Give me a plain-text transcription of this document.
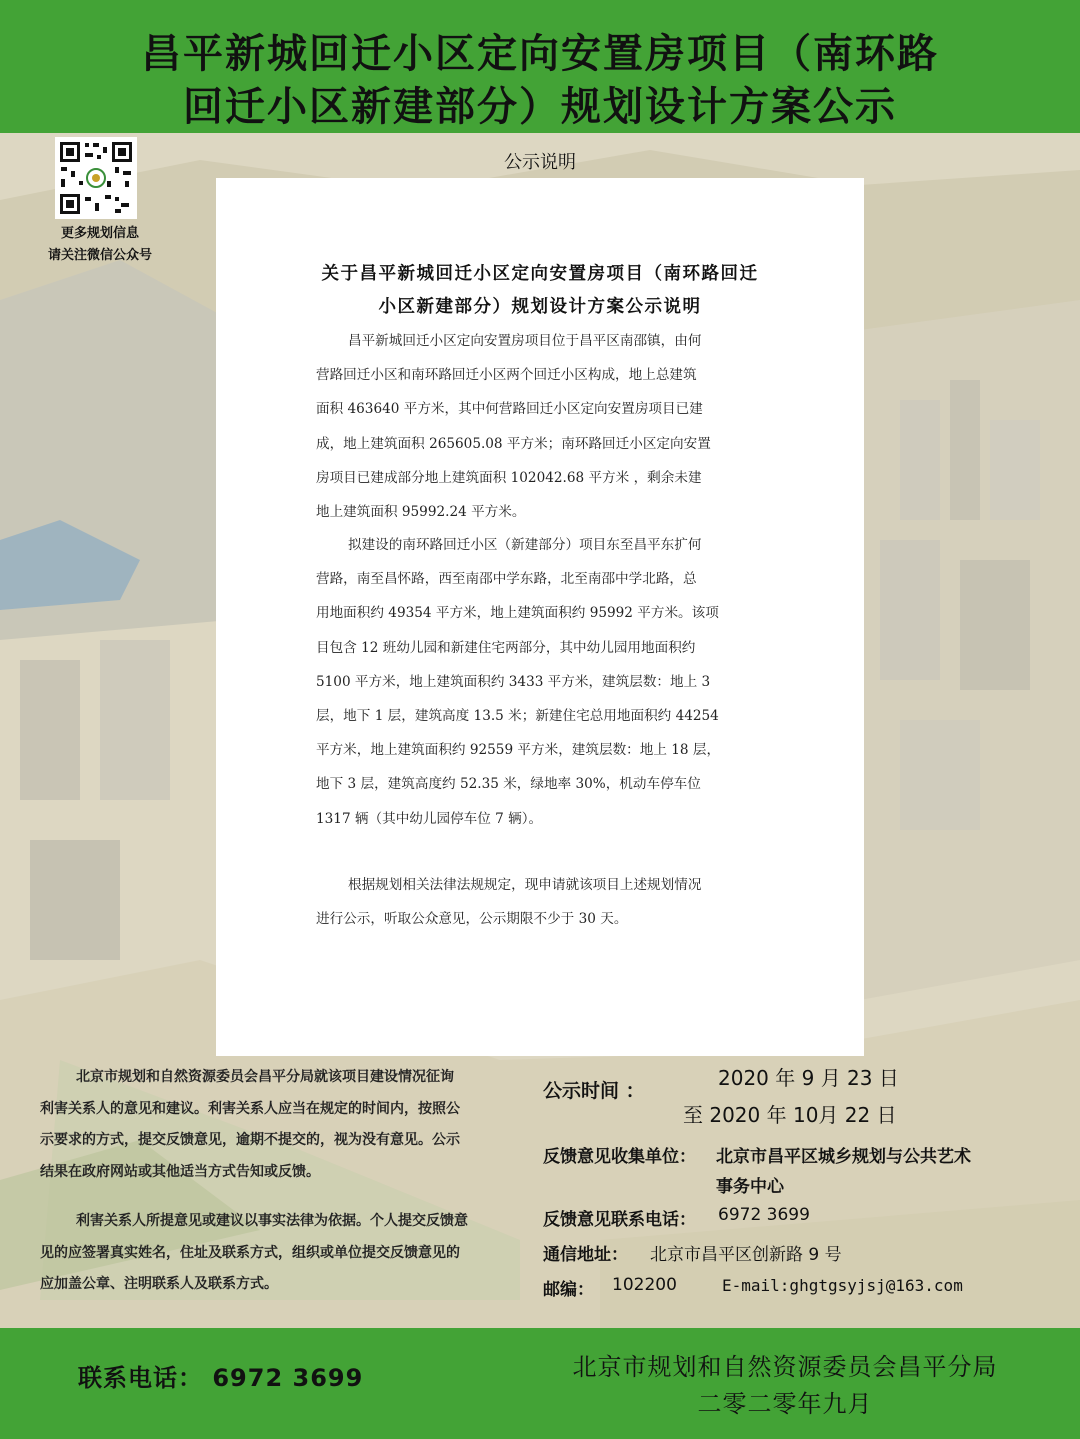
昌平新城回迁小区定向安置房项目（南环路
回迁小区新建部分）规划设计方案公示
更多规划信息
请关注微信公众号
公示说明
关于昌平新城回迁小区定向安置房项目（南环路回迁
小区新建部分）规划设计方案公示说明
昌平新城回迁小区定向安置房项目位于昌平区南邵镇，由何
营路回迁小区和南环路回迁小区两个回迁小区构成，地上总建筑
面积 463640 平方米，其中何营路回迁小区定向安置房项目已建
成，地上建筑面积 265605.08 平方米；南环路回迁小区定向安置
房项目已建成部分地上建筑面积 102042.68 平方米 ，剩余未建
地上建筑面积 95992.24 平方米。
拟建设的南环路回迁小区（新建部分）项目东至昌平东扩何
营路，南至昌怀路，西至南邵中学东路，北至南邵中学北路，总
用地面积约 49354 平方米，地上建筑面积约 95992 平方米。该项
目包含 12 班幼儿园和新建住宅两部分，其中幼儿园用地面积约
5100 平方米，地上建筑面积约 3433 平方米，建筑层数：地上 3
层，地下 1 层，建筑高度 13.5 米；新建住宅总用地面积约 44254
平方米，地上建筑面积约 92559 平方米，建筑层数：地上 18 层，
地下 3 层，建筑高度约 52.35 米，绿地率 30%，机动车停车位
1317 辆（其中幼儿园停车位 7 辆）。
根据规划相关法律法规规定，现申请就该项目上述规划情况
进行公示，听取公众意见，公示期限不少于 30 天。
北京市规划和自然资源委员会昌平分局就该项目建设情况征询
利害关系人的意见和建议。利害关系人应当在规定的时间内，按照公
示要求的方式，提交反馈意见，逾期不提交的，视为没有意见。公示
结果在政府网站或其他适当方式告知或反馈。
利害关系人所提意见或建议以事实法律为依据。个人提交反馈意
见的应签署真实姓名，住址及联系方式，组织或单位提交反馈意见的
应加盖公章、注明联系人及联系方式。
公示时间 ：
2020 年 9 月 23 日
至 2020 年 10月 22 日
反馈意见收集单位： 北京市昌平区城乡规划与公共艺术
事务中心
反馈意见联系电话： 6972 3699
通信地址： 北京市昌平区创新路 9 号
邮编： 102200	E-mail:ghgtgsyjsj@163.com
联系电话： 6972 3699	北京市规划和自然资源委员会昌平分局
二零二零年九月
